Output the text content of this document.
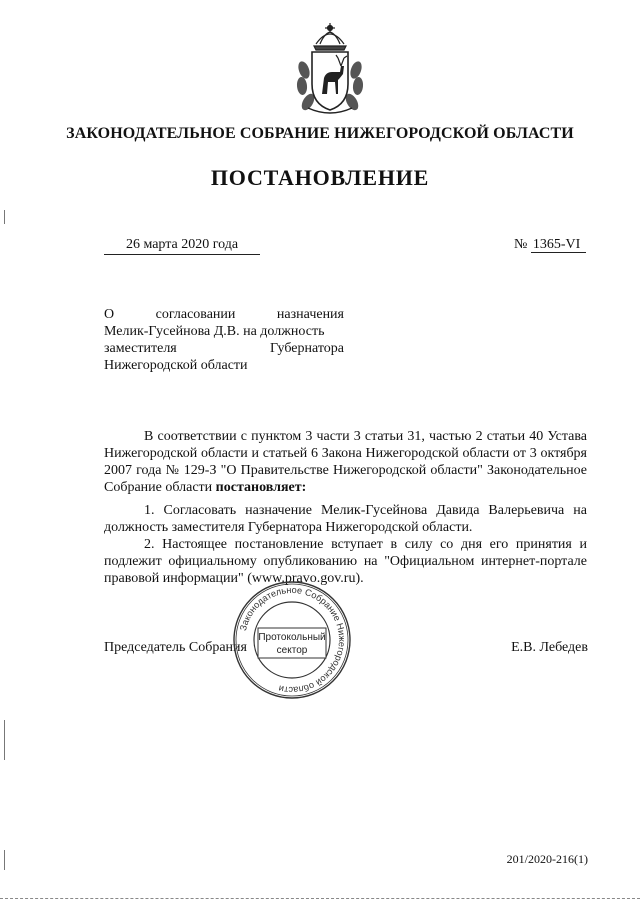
ЗАКОНОДАТЕЛЬНОЕ СОБРАНИЕ НИЖЕГОРОДСКОЙ ОБЛАСТИ
ПОСТАНОВЛЕНИЕ
26 марта 2020 года	№ 1365-VI
О согласовании назначения
Мелик-Гусейнова Д.В. на должность
заместителя Губернатора
Нижегородской области

В соответствии с пунктом 3 части 3 статьи 31, частью 2 статьи 40 Устава Нижегородской области и статьей 6 Закона Нижегородской области от 3 октября 2007 года № 129-З "О Правительстве Нижегородской области" Законодательное Собрание области постановляет:

1. Согласовать назначение Мелик-Гусейнова Давида Валерьевича на должность заместителя Губернатора Нижегородской области.

2. Настоящее постановление вступает в силу со дня его принятия и подлежит официальному опубликованию на "Официальном интернет-портале правовой информации" (www.pravo.gov.ru).

Председатель Собрания	Е.В. Лебедев
Законодательное Собрание Нижегородской области
Протокольный
сектор
201/2020-216(1)
